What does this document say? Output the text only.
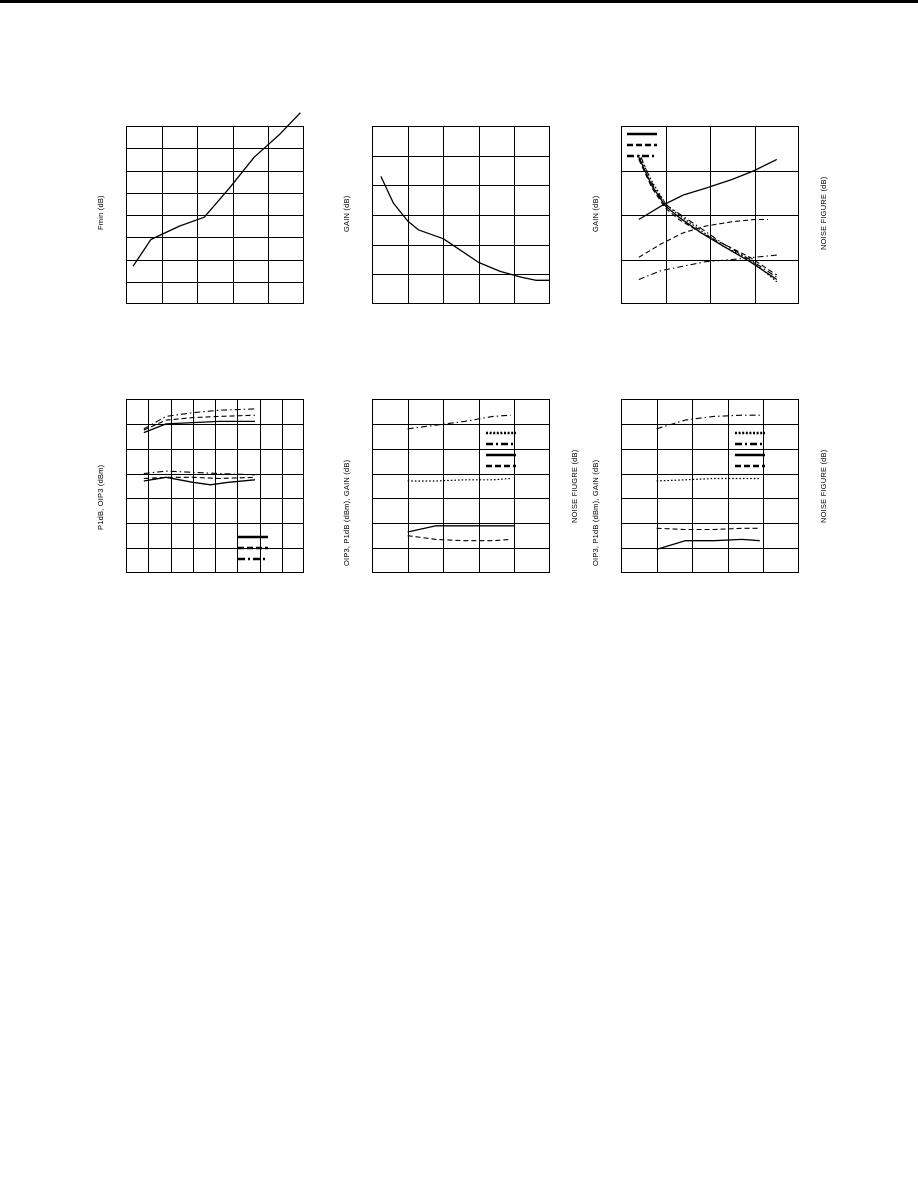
Fmin (dB)	GAIN (dB)	GAIN (dB)	NOISE FIGURE (dB)
P1dB, OIP3 (dBm)	OIP3, P1dB (dBm), GAIN (dB)	NOISE FIUGRE (dB) OIP3, P1dB (dBm), GAIN (dB)	NOISE FIGURE (dB)
